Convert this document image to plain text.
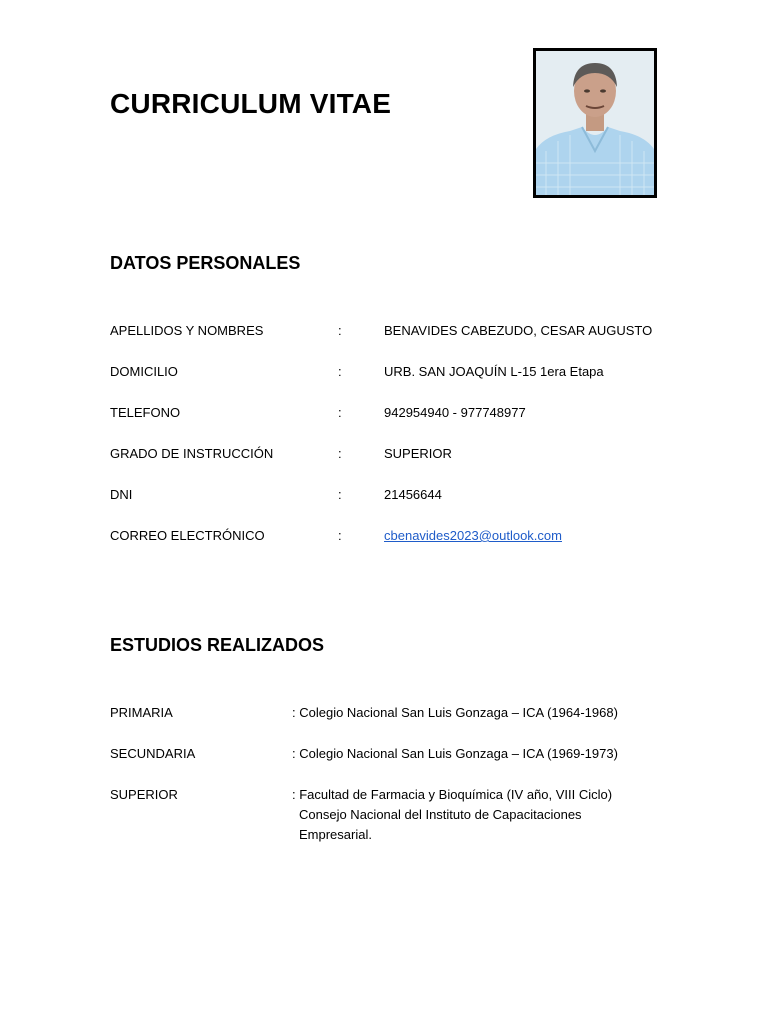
CURRICULUM VITAE
DATOS PERSONALES
APELLIDOS Y NOMBRES	:	BENAVIDES CABEZUDO, CESAR AUGUSTO
DOMICILIO	:	URB. SAN JOAQUÍN L-15 1era Etapa
TELEFONO	:	942954940 - 977748977
GRADO DE INSTRUCCIÓN	:	SUPERIOR
DNI	:	21456644
CORREO ELECTRÓNICO	:	cbenavides2023@outlook.com
ESTUDIOS REALIZADOS
PRIMARIA	: Colegio Nacional San Luis Gonzaga – ICA (1964-1968)
SECUNDARIA	: Colegio Nacional San Luis Gonzaga – ICA (1969-1973)
SUPERIOR	: Facultad de Farmacia y Bioquímica (IV año, VIII Ciclo)
Consejo Nacional del Instituto de Capacitaciones
Empresarial.
